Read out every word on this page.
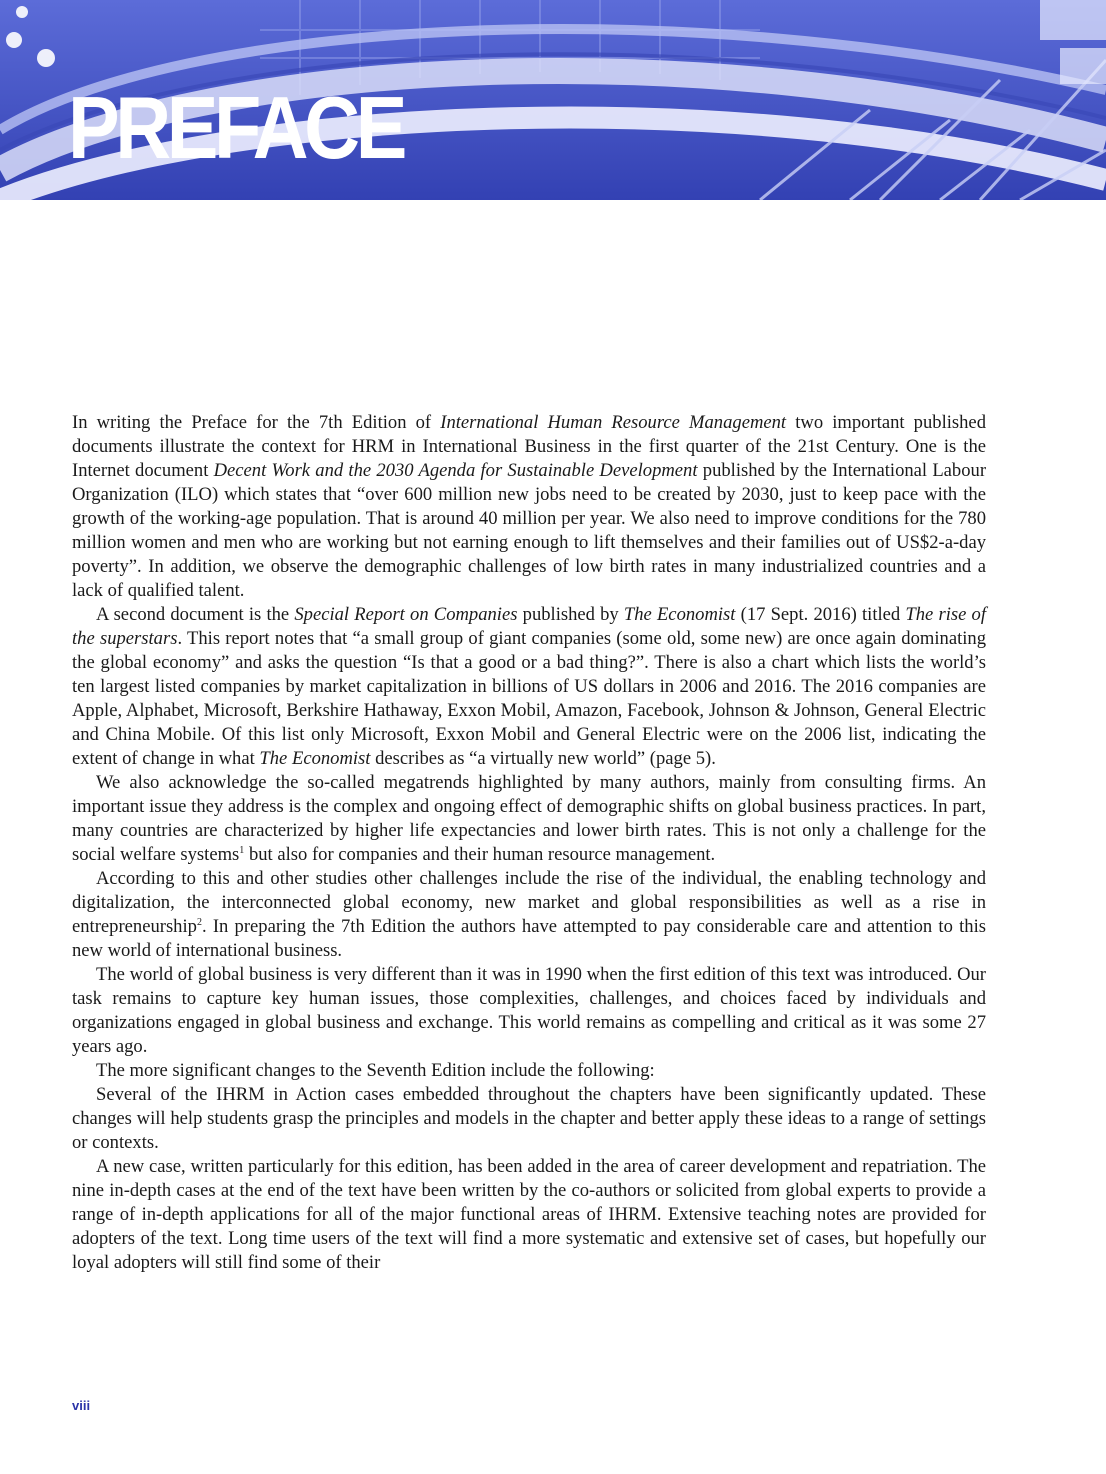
PREFACE

In writing the Preface for the 7th Edition of International Human Resource Management two important published documents illustrate the context for HRM in International Business in the first quarter of the 21st Century. One is the Internet document Decent Work and the 2030 Agenda for Sustainable Development published by the International Labour Organization (ILO) which states that “over 600 million new jobs need to be created by 2030, just to keep pace with the growth of the working-age population. That is around 40 million per year. We also need to improve conditions for the 780 million women and men who are working but not earning enough to lift themselves and their families out of US$2-a-day poverty”. In addition, we observe the demographic challenges of low birth rates in many industrialized countries and a lack of qualified talent.

A second document is the Special Report on Companies published by The Economist (17 Sept. 2016) titled The rise of the superstars. This report notes that “a small group of giant companies (some old, some new) are once again dominating the global economy” and asks the question “Is that a good or a bad thing?”. There is also a chart which lists the world’s ten largest listed companies by market capitalization in billions of US dollars in 2006 and 2016. The 2016 companies are Apple, Alphabet, Microsoft, Berkshire Hathaway, Exxon Mobil, Amazon, Facebook, Johnson & Johnson, General Electric and China Mobile. Of this list only Microsoft, Exxon Mobil and General Electric were on the 2006 list, indicating the extent of change in what The Economist describes as “a virtually new world” (page 5).

We also acknowledge the so-called megatrends highlighted by many authors, mainly from consulting firms. An important issue they address is the complex and ongoing effect of demographic shifts on global business practices. In part, many countries are characterized by higher life expectancies and lower birth rates. This is not only a challenge for the social welfare systems$^1$ but also for companies and their human resource management.

According to this and other studies other challenges include the rise of the individual, the enabling technology and digitalization, the interconnected global economy, new market and global responsibilities as well as a rise in entrepreneurship$^2$. In preparing the 7th Edition the authors have attempted to pay considerable care and attention to this new world of international business.

The world of global business is very different than it was in 1990 when the first edition of this text was introduced. Our task remains to capture key human issues, those complexities, challenges, and choices faced by individuals and organizations engaged in global business and exchange. This world remains as compelling and critical as it was some 27 years ago.

The more significant changes to the Seventh Edition include the following:

Several of the IHRM in Action cases embedded throughout the chapters have been significantly updated. These changes will help students grasp the principles and models in the chapter and better apply these ideas to a range of settings or contexts.

A new case, written particularly for this edition, has been added in the area of career development and repatriation. The nine in-depth cases at the end of the text have been written by the co-authors or solicited from global experts to provide a range of in-depth applications for all of the major functional areas of IHRM. Extensive teaching notes are provided for adopters of the text. Long time users of the text will find a more systematic and extensive set of cases, but hopefully our loyal adopters will still find some of their

viii
